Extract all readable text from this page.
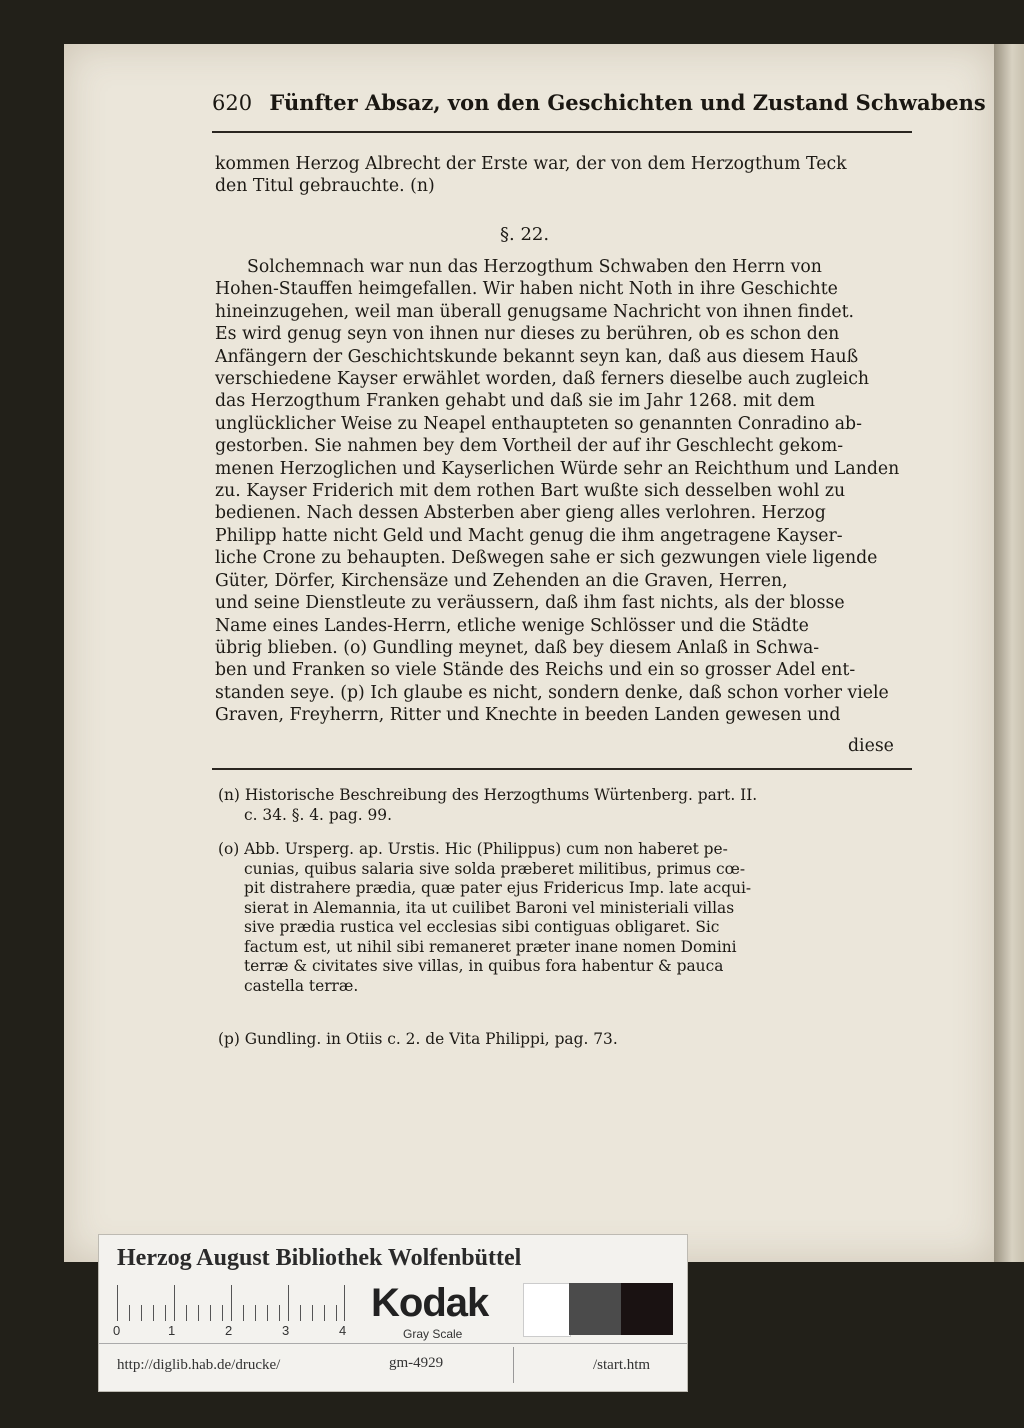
620 Fünfter Absaz, von den Geschichten und Zustand Schwabens
kommen Herzog Albrecht der Erste war, der von dem Herzogthum Teck
den Titul gebrauchte. (n)
§. 22.
Solchemnach war nun das Herzogthum Schwaben den Herrn von
Hohen-Stauffen heimgefallen. Wir haben nicht Noth in ihre Geschichte
hineinzugehen, weil man überall genugsame Nachricht von ihnen findet.
Es wird genug seyn von ihnen nur dieses zu berühren, ob es schon den
Anfängern der Geschichtskunde bekannt seyn kan, daß aus diesem Hauß
verschiedene Kayser erwählet worden, daß ferners dieselbe auch zugleich
das Herzogthum Franken gehabt und daß sie im Jahr 1268. mit dem
unglücklicher Weise zu Neapel enthaupteten so genannten Conradino ab-
gestorben. Sie nahmen bey dem Vortheil der auf ihr Geschlecht gekom-
menen Herzoglichen und Kayserlichen Würde sehr an Reichthum und Landen
zu. Kayser Friderich mit dem rothen Bart wußte sich desselben wohl zu
bedienen. Nach dessen Absterben aber gieng alles verlohren. Herzog
Philipp hatte nicht Geld und Macht genug die ihm angetragene Kayser-
liche Crone zu behaupten. Deßwegen sahe er sich gezwungen viele ligende
Güter, Dörfer, Kirchensäze und Zehenden an die Graven, Herren,
und seine Dienstleute zu veräussern, daß ihm fast nichts, als der blosse
Name eines Landes-Herrn, etliche wenige Schlösser und die Städte
übrig blieben. (o) Gundling meynet, daß bey diesem Anlaß in Schwa-
ben und Franken so viele Stände des Reichs und ein so grosser Adel ent-
standen seye. (p) Ich glaube es nicht, sondern denke, daß schon vorher viele
Graven, Freyherrn, Ritter und Knechte in beeden Landen gewesen und
diese
(n) Historische Beschreibung des Herzogthums Würtenberg. part. II.
c. 34. §. 4. pag. 99.
(o) Abb. Ursperg. ap. Urstis. Hic (Philippus) cum non haberet pe-
cunias, quibus salaria sive solda præberet militibus, primus cœ-
pit distrahere prædia, quæ pater ejus Fridericus Imp. late acqui-
sierat in Alemannia, ita ut cuilibet Baroni vel ministeriali villas
sive prædia rustica vel ecclesias sibi contiguas obligaret. Sic
factum est, ut nihil sibi remaneret præter inane nomen Domini
terræ & civitates sive villas, in quibus fora habentur & pauca
castella terræ.
(p) Gundling. in Otiis c. 2. de Vita Philippi, pag. 73.
Herzog August Bibliothek Wolfenbüttel
0	1	2	3	4
Kodak
Gray Scale
http://diglib.hab.de/drucke/	gm-4929	/start.htm
